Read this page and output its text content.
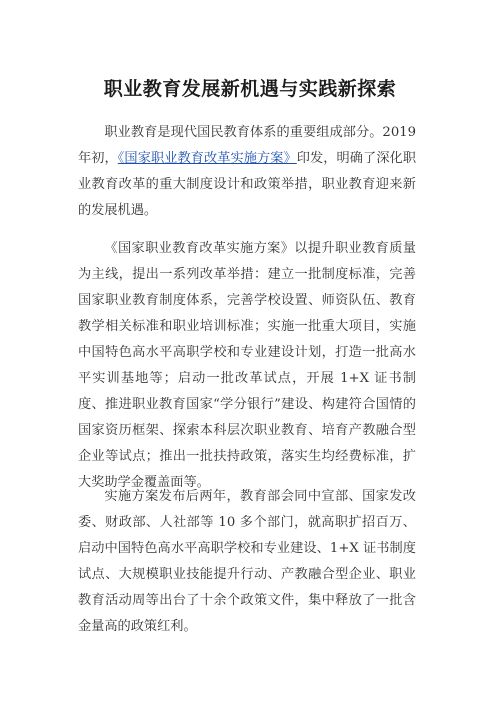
职业教育发展新机遇与实践新探索

职业教育是现代国民教育体系的重要组成部分。2019 年初，《国家职业教育改革实施方案》印发，明确了深化职业教育改革的重大制度设计和政策举措，职业教育迎来新的发展机遇。

《国家职业教育改革实施方案》以提升职业教育质量为主线，提出一系列改革举措：建立一批制度标准，完善国家职业教育制度体系，完善学校设置、师资队伍、教育教学相关标准和职业培训标准；实施一批重大项目，实施中国特色高水平高职学校和专业建设计划，打造一批高水平实训基地等；启动一批改革试点，开展 1+X 证书制度、推进职业教育国家“学分银行”建设、构建符合国情的国家资历框架、探索本科层次职业教育、培育产教融合型企业等试点；推出一批扶持政策，落实生均经费标准，扩大奖助学金覆盖面等。

实施方案发布后两年，教育部会同中宣部、国家发改委、财政部、人社部等 10 多个部门，就高职扩招百万、启动中国特色高水平高职学校和专业建设、1+X 证书制度试点、大规模职业技能提升行动、产教融合型企业、职业教育活动周等出台了十余个政策文件，集中释放了一批含金量高的政策红利。
